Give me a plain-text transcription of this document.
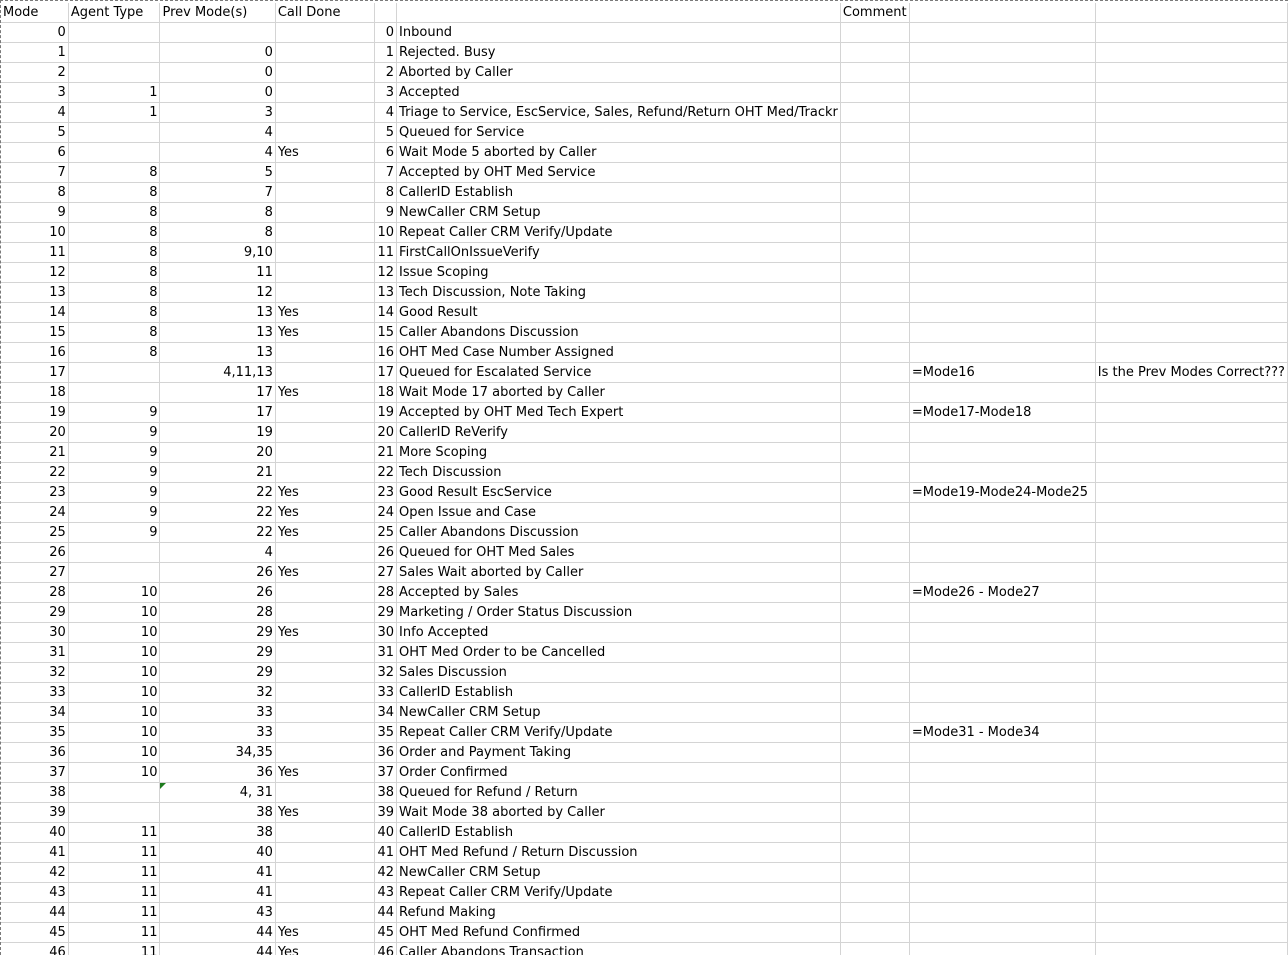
Mode	Agent Type	Prev Mode(s)	Call Done			Comment		
0				0	Inbound			
1		0		1	Rejected. Busy			
2		0		2	Aborted by Caller			
3	1	0		3	Accepted			
4	1	3		4	Triage to Service, EscService, Sales, Refund/Return OHT Med/Trackr			
5		4		5	Queued for Service			
6		4	Yes	6	Wait Mode 5 aborted by Caller			
7	8	5		7	Accepted by OHT Med Service			
8	8	7		8	CallerID Establish			
9	8	8		9	NewCaller CRM Setup			
10	8	8		10	Repeat Caller CRM Verify/Update			
11	8	9,10		11	FirstCallOnIssueVerify			
12	8	11		12	Issue Scoping			
13	8	12		13	Tech Discussion, Note Taking			
14	8	13	Yes	14	Good Result			
15	8	13	Yes	15	Caller Abandons Discussion			
16	8	13		16	OHT Med Case Number Assigned			
17		4,11,13		17	Queued for Escalated Service		=Mode16	Is the Prev Modes Correct???
18		17	Yes	18	Wait Mode 17 aborted by Caller			
19	9	17		19	Accepted by OHT Med Tech Expert		=Mode17-Mode18	
20	9	19		20	CallerID ReVerify			
21	9	20		21	More Scoping			
22	9	21		22	Tech Discussion			
23	9	22	Yes	23	Good Result EscService		=Mode19-Mode24-Mode25	
24	9	22	Yes	24	Open Issue and Case			
25	9	22	Yes	25	Caller Abandons Discussion			
26		4		26	Queued for OHT Med Sales			
27		26	Yes	27	Sales Wait aborted by Caller			
28	10	26		28	Accepted by Sales		=Mode26 - Mode27	
29	10	28		29	Marketing / Order Status Discussion			
30	10	29	Yes	30	Info Accepted			
31	10	29		31	OHT Med Order to be Cancelled			
32	10	29		32	Sales Discussion			
33	10	32		33	CallerID Establish			
34	10	33		34	NewCaller CRM Setup			
35	10	33		35	Repeat Caller CRM Verify/Update		=Mode31 - Mode34	
36	10	34,35		36	Order and Payment Taking			
37	10	36	Yes	37	Order Confirmed			
38		4, 31		38	Queued for Refund / Return			
39		38	Yes	39	Wait Mode 38 aborted by Caller			
40	11	38		40	CallerID Establish			
41	11	40		41	OHT Med Refund / Return Discussion			
42	11	41		42	NewCaller CRM Setup			
43	11	41		43	Repeat Caller CRM Verify/Update			
44	11	43		44	Refund Making			
45	11	44	Yes	45	OHT Med Refund Confirmed			
46	11	44	Yes	46	Caller Abandons Transaction			
